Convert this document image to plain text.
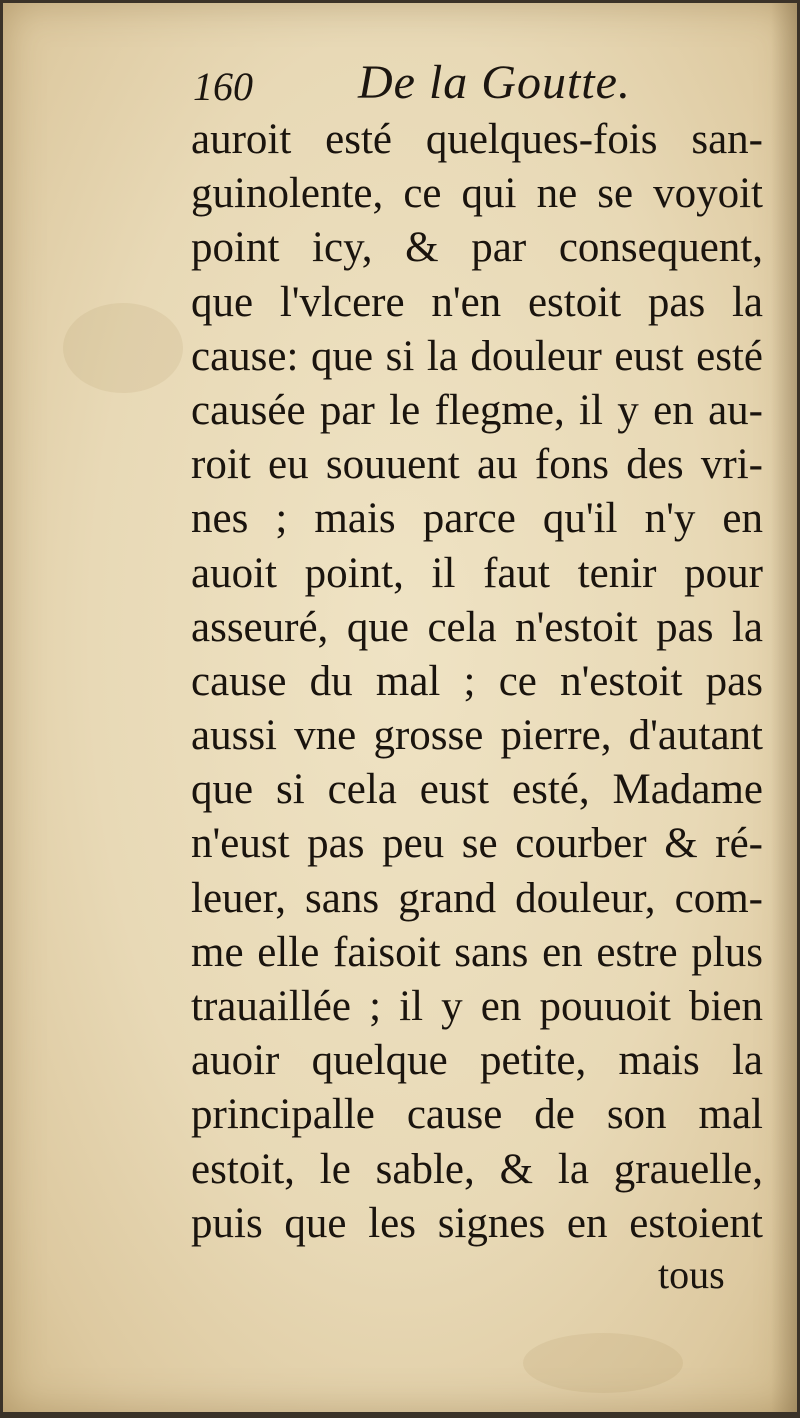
160 De la Goutte.
auroit esté quelques-fois san-
guinolente, ce qui ne se voyoit
point icy, & par consequent,
que l'vlcere n'en estoit pas la
cause: que si la douleur eust esté
causée par le flegme, il y en au-
roit eu souuent au fons des vri-
nes ; mais parce qu'il n'y en
auoit point, il faut tenir pour
asseuré, que cela n'estoit pas la
cause du mal ; ce n'estoit pas
aussi vne grosse pierre, d'autant
que si cela eust esté, Madame
n'eust pas peu se courber & ré-
leuer, sans grand douleur, com-
me elle faisoit sans en estre plus
trauaillée ; il y en pouuoit bien
auoir quelque petite, mais la
principalle cause de son mal
estoit, le sable, & la grauelle,
puis que les signes en estoient
tous
